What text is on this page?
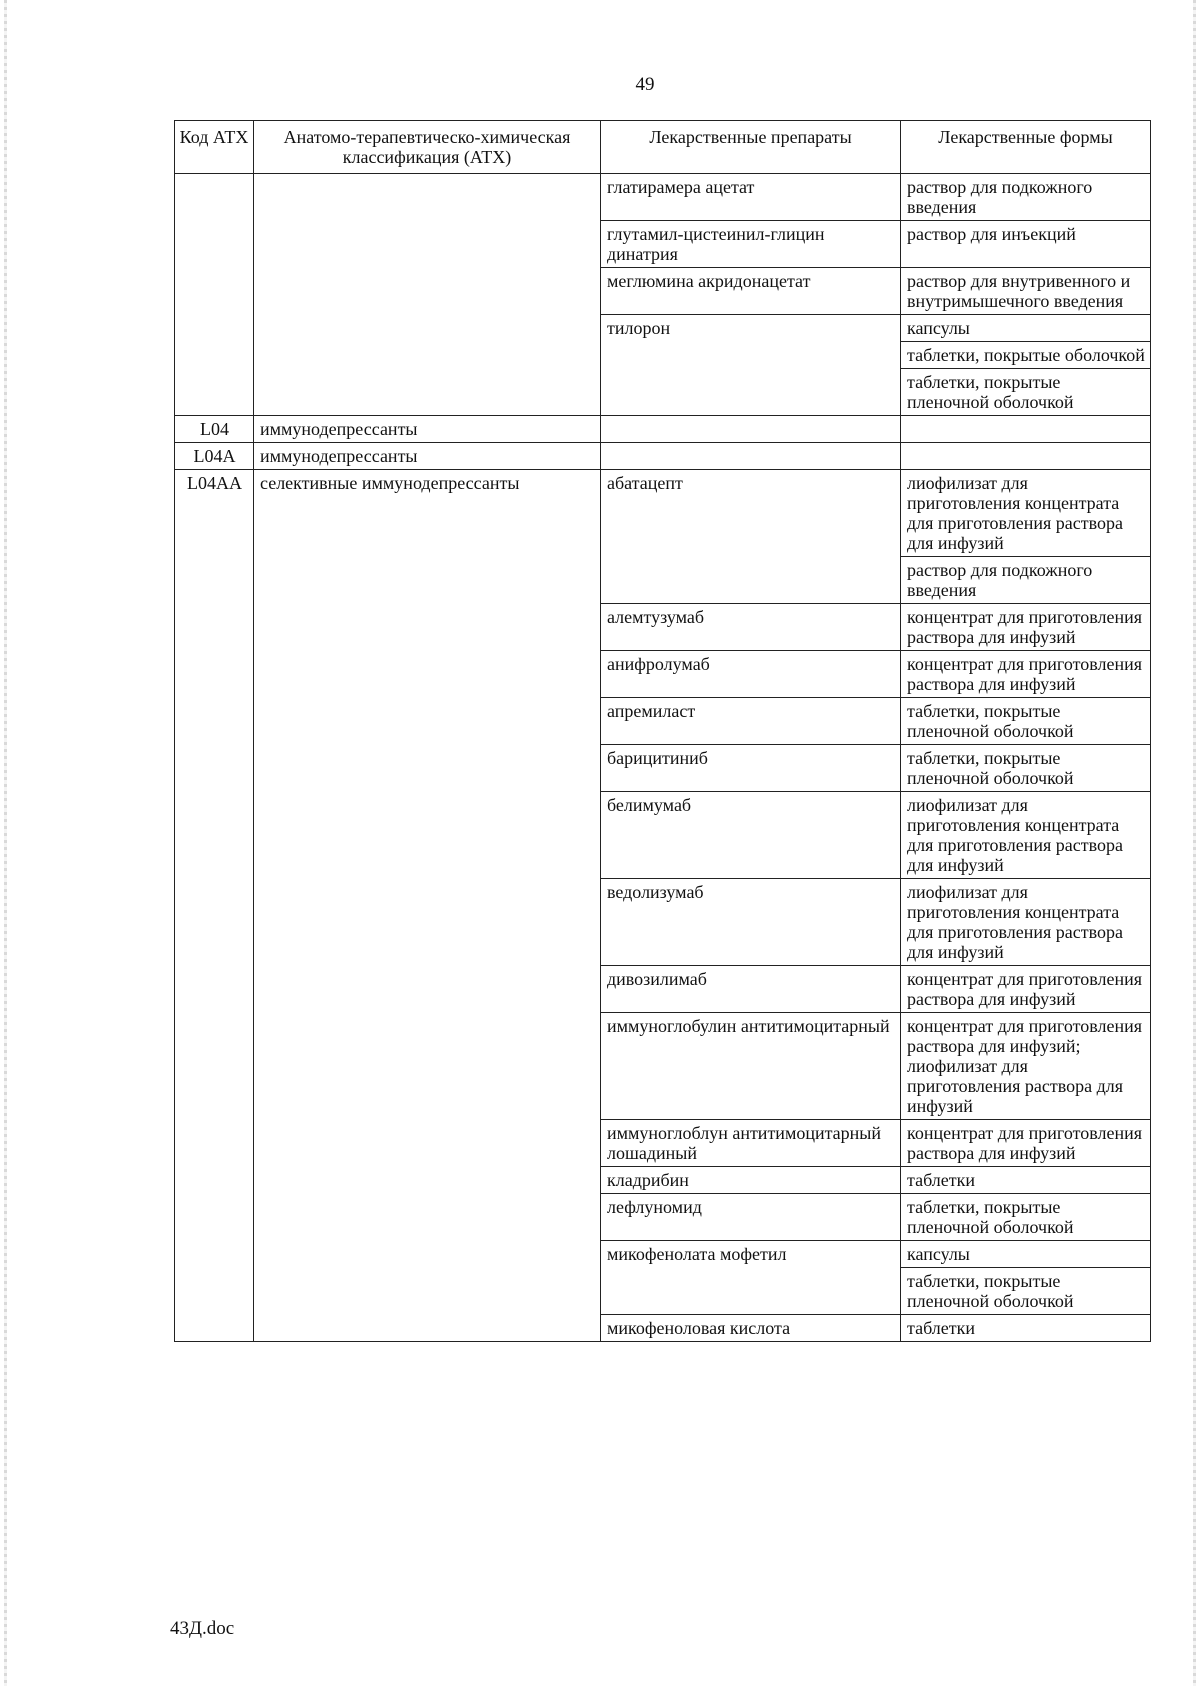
49
Код АТХ	Анатомо-терапевтическо-химическая классификация (АТХ)	Лекарственные препараты	Лекарственные формы
		глатирамера ацетат	раствор для подкожного введения
		глутамил-цистеинил-глицин динатрия	раствор для инъекций
		меглюмина акридонацетат	раствор для внутривенного и внутримышечного введения
		тилорон	капсулы
			таблетки, покрытые оболочкой
			таблетки, покрытые пленочной оболочкой
L04	иммунодепрессанты		
L04A	иммунодепрессанты		
L04AA	селективные иммунодепрессанты	абатацепт	лиофилизат для приготовления концентрата для приготовления раствора для инфузий
			раствор для подкожного введения
		алемтузумаб	концентрат для приготовления раствора для инфузий
		анифролумаб	концентрат для приготовления раствора для инфузий
		апремиласт	таблетки, покрытые пленочной оболочкой
		барицитиниб	таблетки, покрытые пленочной оболочкой
		белимумаб	лиофилизат для приготовления концентрата для приготовления раствора для инфузий
		ведолизумаб	лиофилизат для приготовления концентрата для приготовления раствора для инфузий
		дивозилимаб	концентрат для приготовления раствора для инфузий
		иммуноглобулин антитимоцитарный	концентрат для приготовления раствора для инфузий; лиофилизат для приготовления раствора для инфузий
		иммуноглоблун антитимоцитарный лошадиный	концентрат для приготовления раствора для инфузий
		кладрибин	таблетки
		лефлуномид	таблетки, покрытые пленочной оболочкой
		микофенолата мофетил	капсулы
			таблетки, покрытые пленочной оболочкой
		микофеноловая кислота	таблетки
43Д.doc
